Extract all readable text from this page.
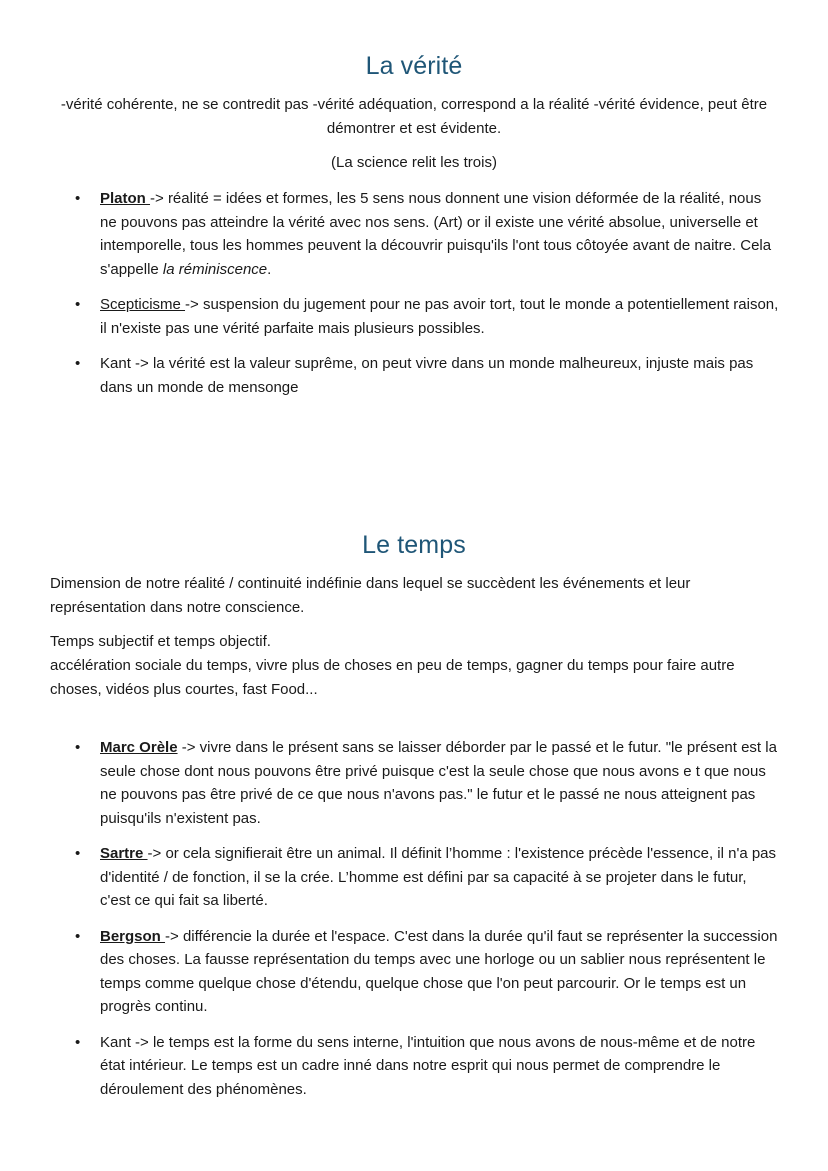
La vérité

-vérité cohérente, ne se contredit pas -vérité adéquation, correspond a la réalité -vérité évidence, peut être démontrer et est évidente.

(La science relit les trois)

• Platon -> réalité = idées et formes, les 5 sens nous donnent une vision déformée de la réalité, nous ne pouvons pas atteindre la vérité avec nos sens. (Art) or il existe une vérité absolue, universelle et intemporelle, tous les hommes peuvent la découvrir puisqu'ils l'ont tous côtoyée avant de naitre. Cela s'appelle la réminiscence.
• Scepticisme -> suspension du jugement pour ne pas avoir tort, tout le monde a potentiellement raison, il n'existe pas une vérité parfaite mais plusieurs possibles.
• Kant -> la vérité est la valeur suprême, on peut vivre dans un monde malheureux, injuste mais pas dans un monde de mensonge
Le temps

Dimension de notre réalité / continuité indéfinie dans lequel se succèdent les événements et leur représentation dans notre conscience.

Temps subjectif et temps objectif.

accélération sociale du temps, vivre plus de choses en peu de temps, gagner du temps pour faire autre choses, vidéos plus courtes, fast Food...

• Marc Orèle -> vivre dans le présent sans se laisser déborder par le passé et le futur. "le présent est la seule chose dont nous pouvons être privé puisque c'est la seule chose que nous avons e t que nous ne pouvons pas être privé de ce que nous n'avons pas." le futur et le passé ne nous atteignent pas puisqu'ils n'existent pas.
• Sartre -> or cela signifierait être un animal. Il définit l’homme : l'existence précède l'essence, il n'a pas d'identité / de fonction, il se la crée. L’homme est défini par sa capacité à se projeter dans le futur, c'est ce qui fait sa liberté.
• Bergson -> différencie la durée et l'espace. C'est dans la durée qu'il faut se représenter la succession des choses. La fausse représentation du temps avec une horloge ou un sablier nous représentent le temps comme quelque chose d'étendu, quelque chose que l'on peut parcourir. Or le temps est un progrès continu.
• Kant -> le temps est la forme du sens interne, l'intuition que nous avons de nous-même et de notre état intérieur. Le temps est un cadre inné dans notre esprit qui nous permet de comprendre le déroulement des phénomènes.
